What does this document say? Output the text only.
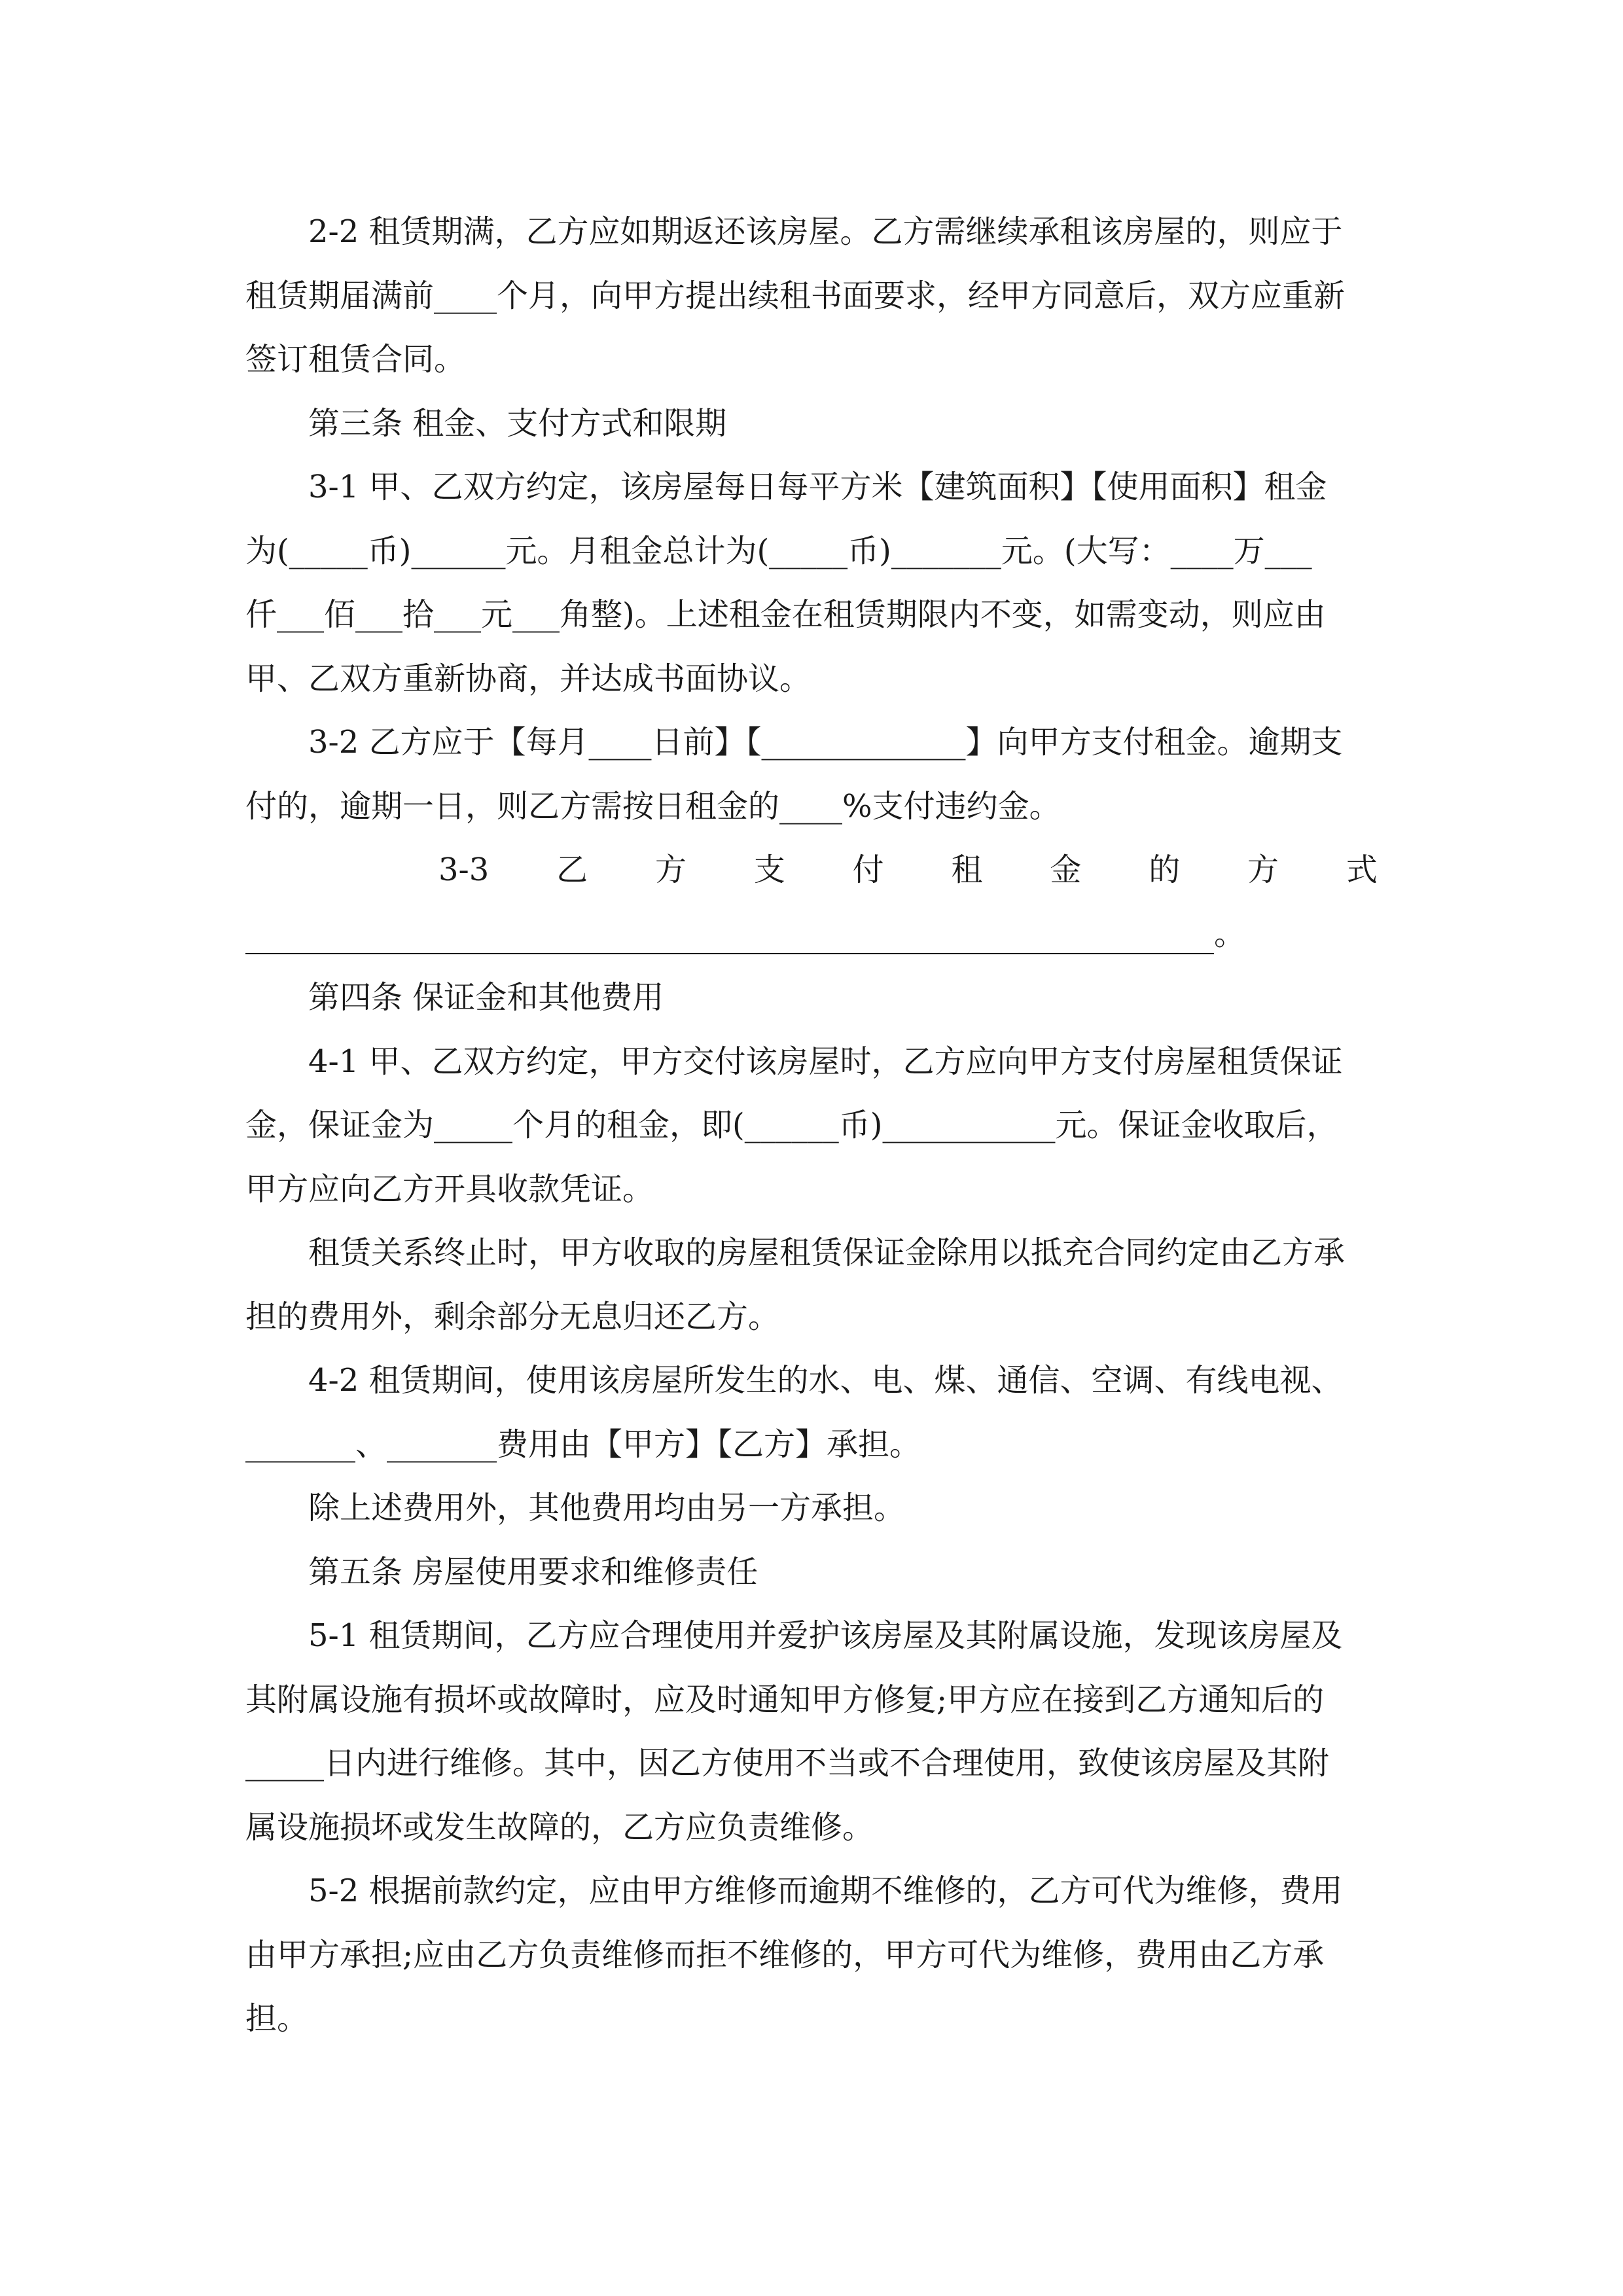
2-2 租赁期满，乙方应如期返还该房屋。乙方需继续承租该房屋的，则应于
租赁期届满前____个月，向甲方提出续租书面要求，经甲方同意后，双方应重新
签订租赁合同。
第三条 租金、支付方式和限期
3-1 甲、乙双方约定，该房屋每日每平方米【建筑面积】【使用面积】租金
为(_____币)______元。月租金总计为(_____币)_______元。(大写：____万___
仟___佰___拾___元___角整)。上述租金在租赁期限内不变，如需变动，则应由
甲、乙双方重新协商，并达成书面协议。
3-2 乙方应于【每月____日前】【_____________】向甲方支付租金。逾期支
付的，逾期一日，则乙方需按日租金的____%支付违约金。
3-3 乙 方 支 付 租 金 的 方 式
。
第四条 保证金和其他费用
4-1 甲、乙双方约定，甲方交付该房屋时，乙方应向甲方支付房屋租赁保证
金，保证金为_____个月的租金，即(______币)___________元。保证金收取后，
甲方应向乙方开具收款凭证。
租赁关系终止时，甲方收取的房屋租赁保证金除用以抵充合同约定由乙方承
担的费用外，剩余部分无息归还乙方。
4-2 租赁期间，使用该房屋所发生的水、电、煤、通信、空调、有线电视、
_______、_______费用由【甲方】【乙方】承担。
除上述费用外，其他费用均由另一方承担。
第五条 房屋使用要求和维修责任
5-1 租赁期间，乙方应合理使用并爱护该房屋及其附属设施，发现该房屋及
其附属设施有损坏或故障时，应及时通知甲方修复;甲方应在接到乙方通知后的
_____日内进行维修。其中，因乙方使用不当或不合理使用，致使该房屋及其附
属设施损坏或发生故障的，乙方应负责维修。
5-2 根据前款约定，应由甲方维修而逾期不维修的，乙方可代为维修，费用
由甲方承担;应由乙方负责维修而拒不维修的，甲方可代为维修，费用由乙方承
担。
